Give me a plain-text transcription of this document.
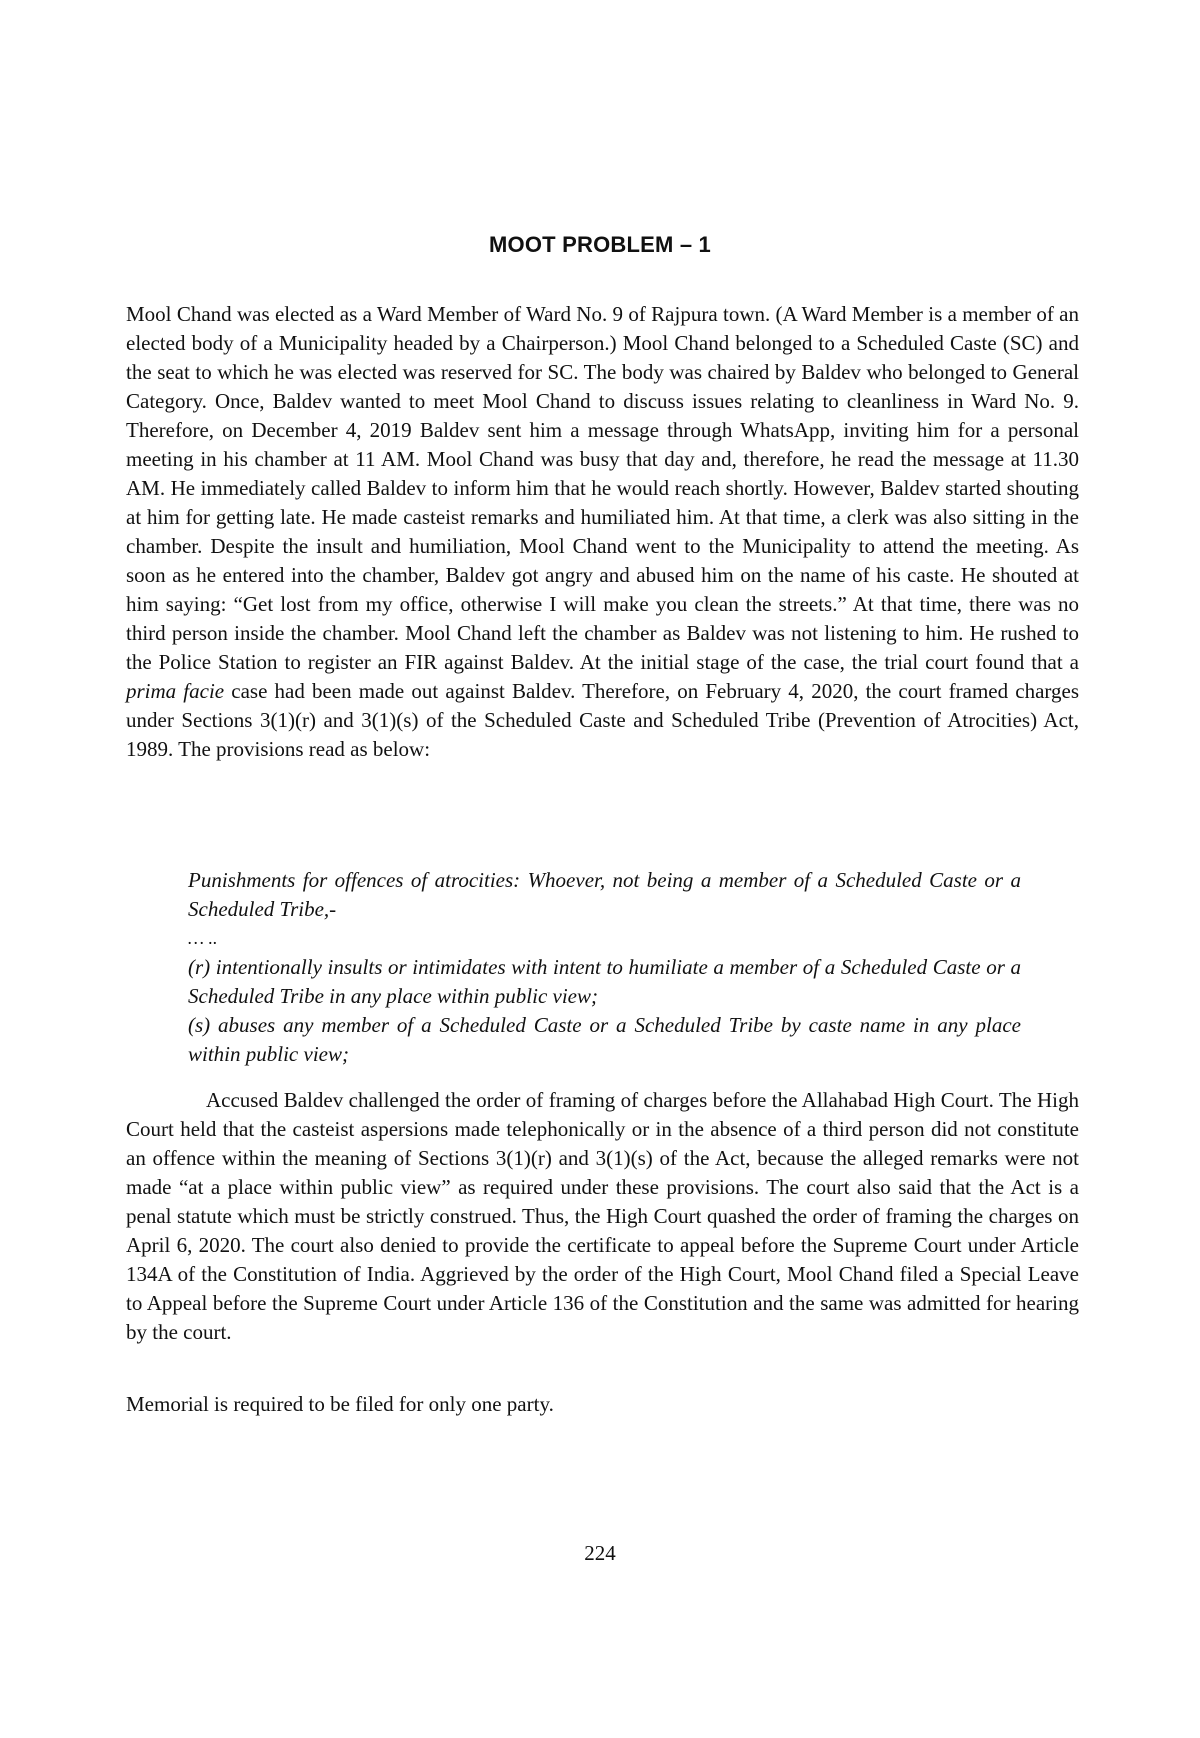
MOOT PROBLEM – 1

Mool Chand was elected as a Ward Member of Ward No. 9 of Rajpura town. (A Ward Member is a member of an elected body of a Municipality headed by a Chairperson.) Mool Chand belonged to a Scheduled Caste (SC) and the seat to which he was elected was reserved for SC. The body was chaired by Baldev who belonged to General Category. Once, Baldev wanted to meet Mool Chand to discuss issues relating to cleanliness in Ward No. 9. Therefore, on December 4, 2019 Baldev sent him a message through WhatsApp, inviting him for a personal meeting in his chamber at 11 AM. Mool Chand was busy that day and, therefore, he read the message at 11.30 AM. He immediately called Baldev to inform him that he would reach shortly. However, Baldev started shouting at him for getting late. He made casteist remarks and humiliated him. At that time, a clerk was also sitting in the chamber. Despite the insult and humiliation, Mool Chand went to the Municipality to attend the meeting. As soon as he entered into the chamber, Baldev got angry and abused him on the name of his caste. He shouted at him saying: “Get lost from my office, otherwise I will make you clean the streets.” At that time, there was no third person inside the chamber. Mool Chand left the chamber as Baldev was not listening to him. He rushed to the Police Station to register an FIR against Baldev. At the initial stage of the case, the trial court found that a prima facie case had been made out against Baldev. Therefore, on February 4, 2020, the court framed charges under Sections 3(1)(r) and 3(1)(s) of the Scheduled Caste and Scheduled Tribe (Prevention of Atrocities) Act, 1989. The provisions read as below:

Punishments for offences of atrocities: Whoever, not being a member of a Scheduled Caste or a Scheduled Tribe,-

… ..

(r) intentionally insults or intimidates with intent to humiliate a member of a Scheduled Caste or a Scheduled Tribe in any place within public view;

(s) abuses any member of a Scheduled Caste or a Scheduled Tribe by caste name in any place within public view;

Accused Baldev challenged the order of framing of charges before the Allahabad High Court. The High Court held that the casteist aspersions made telephonically or in the absence of a third person did not constitute an offence within the meaning of Sections 3(1)(r) and 3(1)(s) of the Act, because the alleged remarks were not made “at a place within public view” as required under these provisions. The court also said that the Act is a penal statute which must be strictly construed. Thus, the High Court quashed the order of framing the charges on April 6, 2020. The court also denied to provide the certificate to appeal before the Supreme Court under Article 134A of the Constitution of India. Aggrieved by the order of the High Court, Mool Chand filed a Special Leave to Appeal before the Supreme Court under Article 136 of the Constitution and the same was admitted for hearing by the court.

Memorial is required to be filed for only one party.

224
